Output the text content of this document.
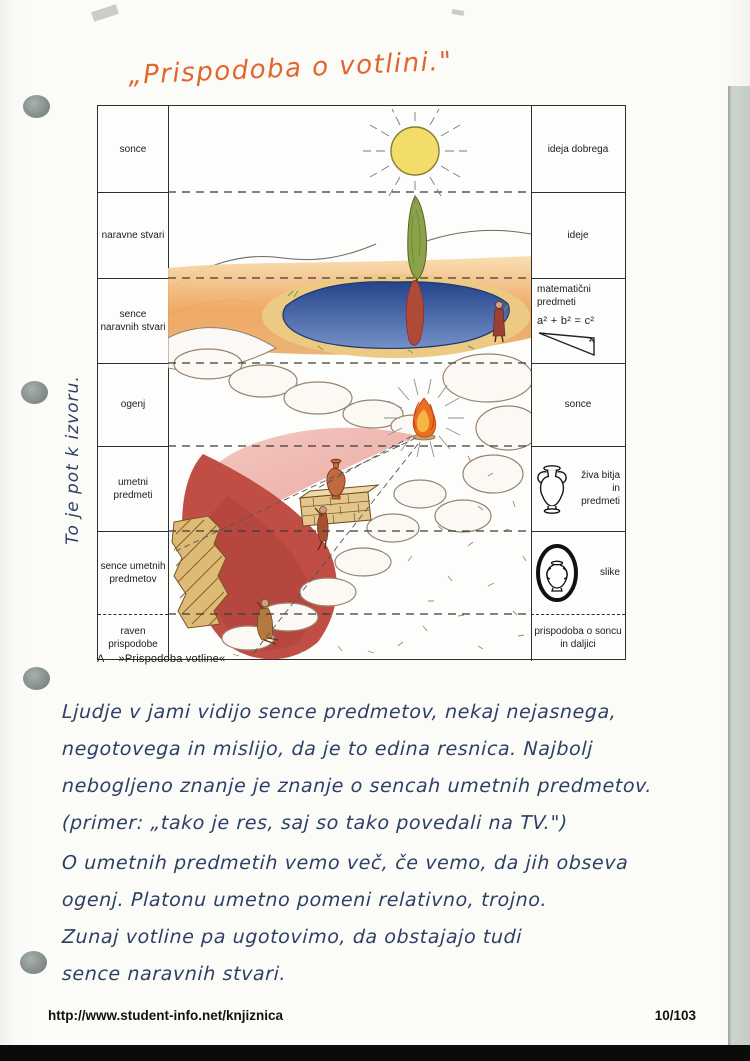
„Prispodoba o votlini."
To je pot k izvoru.
sonce
naravne stvari
sence naravnih stvari
ogenj
umetni predmeti
sence umetnih predmetov
raven prispodobe
ideja dobrega
ideje
matematični predmeti
a² + b² = c²
sonce
živa bitja in predmeti
slike
prispodoba o soncu in daljici
A »Prispodoba votline«
Ljudje v jami vidijo sence predmetov, nekaj nejasnega,
negotovega in mislijo, da je to edina resnica. Najbolj
nebogljeno znanje je znanje o sencah umetnih predmetov.
(primer: „tako je res, saj so tako povedali na TV.")
O umetnih predmetih vemo več, če vemo, da jih obseva
ogenj. Platonu umetno pomeni relativno, trojno.
Zunaj votline pa ugotovimo, da obstajajo tudi
sence naravnih stvari.
http://www.student-info.net/knjiznica	10/103
